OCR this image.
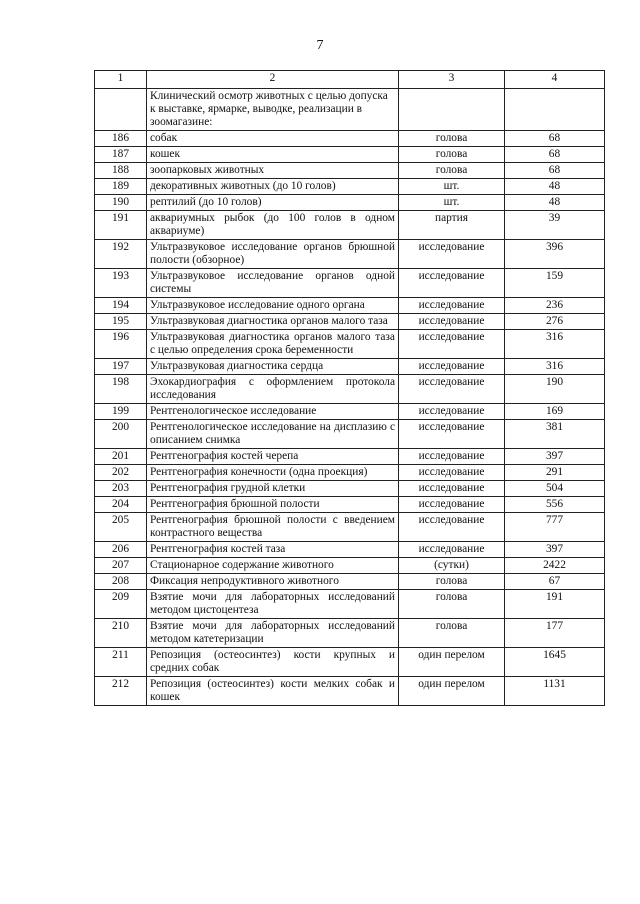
7
1	2	3	4
	Клинический осмотр животных с целью допуска к выставке, ярмарке, выводке, реализации в зоомагазине:		
186	собак	голова	68
187	кошек	голова	68
188	зоопарковых животных	голова	68
189	декоративных животных (до 10 голов)	шт.	48
190	рептилий (до 10 голов)	шт.	48
191	аквариумных рыбок (до 100 голов в одном аквариуме)	партия	39
192	Ультразвуковое исследование органов брюшной полости (обзорное)	исследование	396
193	Ультразвуковое исследование органов одной системы	исследование	159
194	Ультразвуковое исследование одного органа	исследование	236
195	Ультразвуковая диагностика органов малого таза	исследование	276
196	Ультразвуковая диагностика органов малого таза с целью определения срока беременности	исследование	316
197	Ультразвуковая диагностика сердца	исследование	316
198	Эхокардиография с оформлением протокола исследования	исследование	190
199	Рентгенологическое исследование	исследование	169
200	Рентгенологическое исследование на дисплазию с описанием снимка	исследование	381
201	Рентгенография костей черепа	исследование	397
202	Рентгенография конечности (одна проекция)	исследование	291
203	Рентгенография грудной клетки	исследование	504
204	Рентгенография брюшной полости	исследование	556
205	Рентгенография брюшной полости с введением контрастного вещества	исследование	777
206	Рентгенография костей таза	исследование	397
207	Стационарное содержание животного	(сутки)	2422
208	Фиксация непродуктивного животного	голова	67
209	Взятие мочи для лабораторных исследований методом цистоцентеза	голова	191
210	Взятие мочи для лабораторных исследований методом катетеризации	голова	177
211	Репозиция (остеосинтез) кости крупных и средних собак	один перелом	1645
212	Репозиция (остеосинтез) кости мелких собак и кошек	один перелом	1131
